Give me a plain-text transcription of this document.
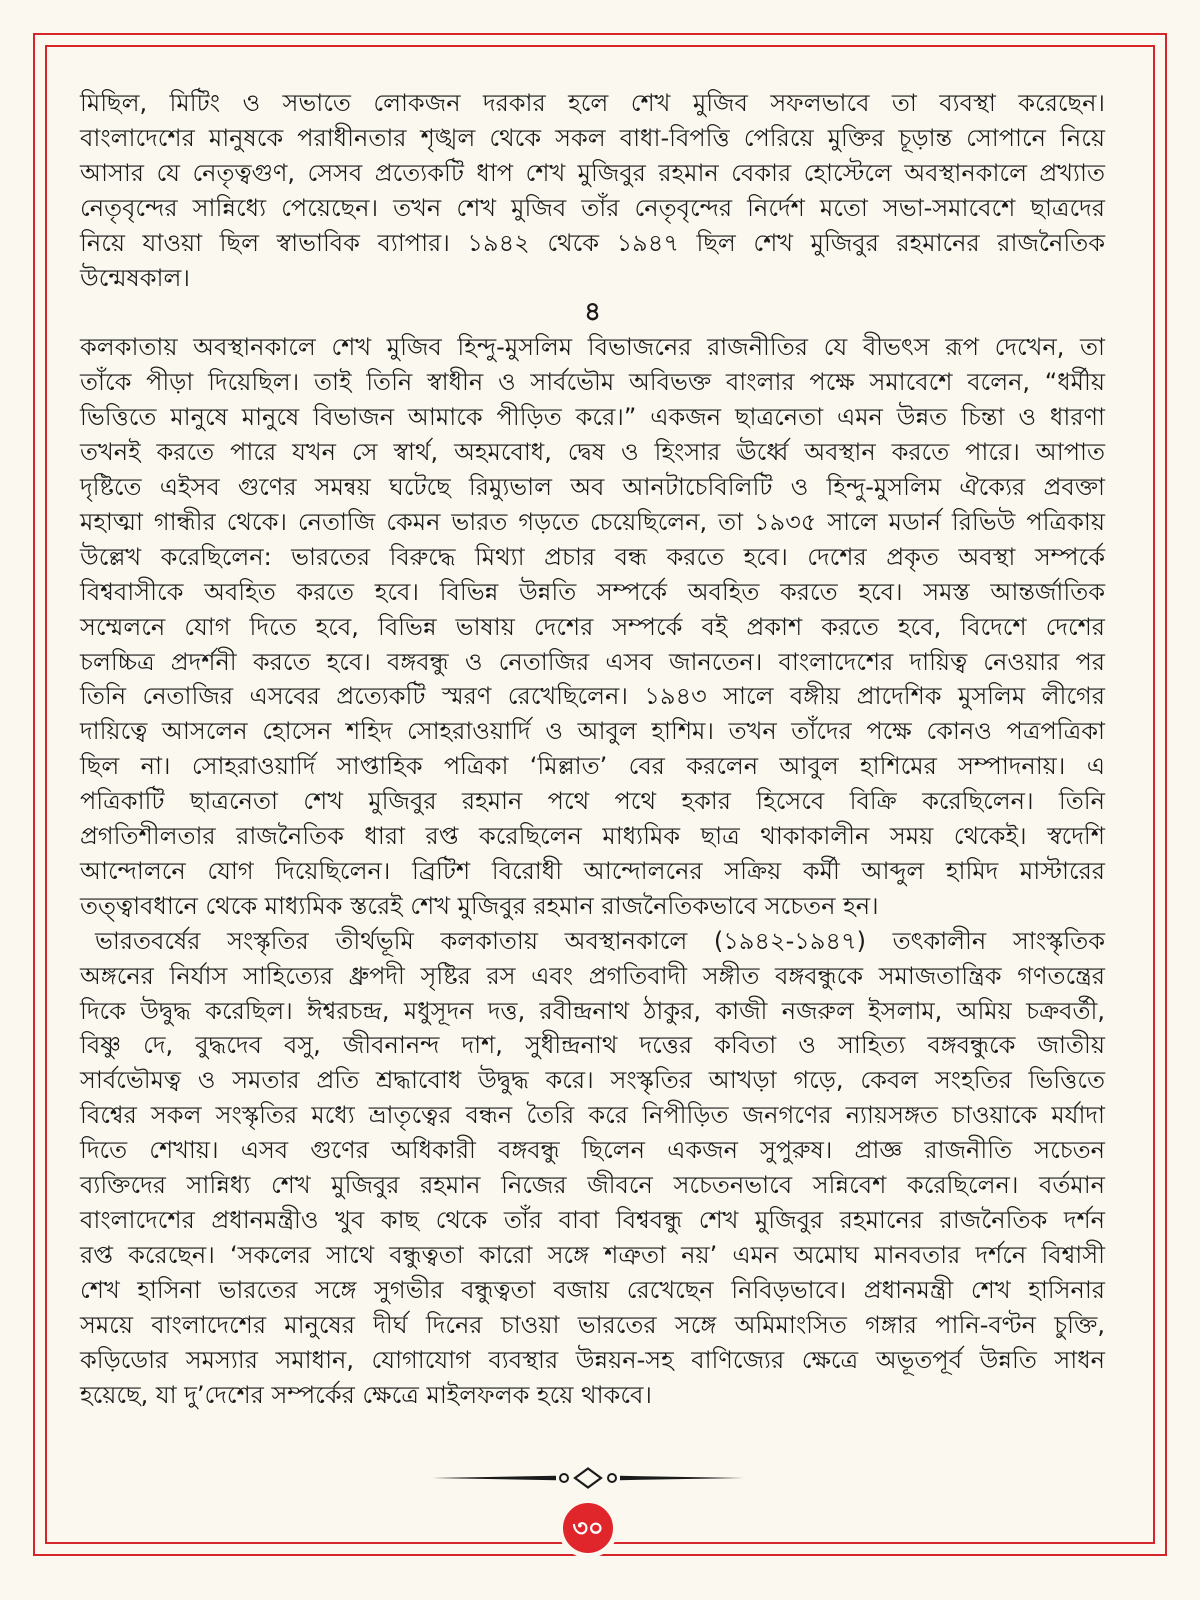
মিছিল, মিটিং ও সভাতে লোকজন দরকার হলে শেখ মুজিব সফলভাবে তা ব্যবস্থা করেছেন।
বাংলাদেশের মানুষকে পরাধীনতার শৃঙ্খল থেকে সকল বাধা-বিপত্তি পেরিয়ে মুক্তির চূড়ান্ত সোপানে নিয়ে
আসার যে নেতৃত্বগুণ, সেসব প্রত্যেকটি ধাপ শেখ মুজিবুর রহমান বেকার হোস্টেলে অবস্থানকালে প্রখ্যাত
নেতৃবৃন্দের সান্নিধ্যে পেয়েছেন। তখন শেখ মুজিব তাঁর নেতৃবৃন্দের নির্দেশ মতো সভা-সমাবেশে ছাত্রদের
নিয়ে যাওয়া ছিল স্বাভাবিক ব্যাপার। ১৯৪২ থেকে ১৯৪৭ ছিল শেখ মুজিবুর রহমানের রাজনৈতিক
উন্মেষকাল।
৪
কলকাতায় অবস্থানকালে শেখ মুজিব হিন্দু-মুসলিম বিভাজনের রাজনীতির যে বীভৎস রূপ দেখেন, তা
তাঁকে পীড়া দিয়েছিল। তাই তিনি স্বাধীন ও সার্বভৌম অবিভক্ত বাংলার পক্ষে সমাবেশে বলেন, “ধর্মীয়
ভিত্তিতে মানুষে মানুষে বিভাজন আমাকে পীড়িত করে।” একজন ছাত্রনেতা এমন উন্নত চিন্তা ও ধারণা
তখনই করতে পারে যখন সে স্বার্থ, অহমবোধ, দ্বেষ ও হিংসার ঊর্ধ্বে অবস্থান করতে পারে। আপাত
দৃষ্টিতে এইসব গুণের সমন্বয় ঘটেছে রিম্যুভাল অব আনটাচেবিলিটি ও হিন্দু-মুসলিম ঐক্যের প্রবক্তা
মহাত্মা গান্ধীর থেকে। নেতাজি কেমন ভারত গড়তে চেয়েছিলেন, তা ১৯৩৫ সালে মডার্ন রিভিউ পত্রিকায়
উল্লেখ করেছিলেন: ভারতের বিরুদ্ধে মিথ্যা প্রচার বন্ধ করতে হবে। দেশের প্রকৃত অবস্থা সম্পর্কে
বিশ্ববাসীকে অবহিত করতে হবে। বিভিন্ন উন্নতি সম্পর্কে অবহিত করতে হবে। সমস্ত আন্তর্জাতিক
সম্মেলনে যোগ দিতে হবে, বিভিন্ন ভাষায় দেশের সম্পর্কে বই প্রকাশ করতে হবে, বিদেশে দেশের
চলচ্চিত্র প্রদর্শনী করতে হবে। বঙ্গবন্ধু ও নেতাজির এসব জানতেন। বাংলাদেশের দায়িত্ব নেওয়ার পর
তিনি নেতাজির এসবের প্রত্যেকটি স্মরণ রেখেছিলেন। ১৯৪৩ সালে বঙ্গীয় প্রাদেশিক মুসলিম লীগের
দায়িত্বে আসলেন হোসেন শহিদ সোহরাওয়ার্দি ও আবুল হাশিম। তখন তাঁদের পক্ষে কোনও পত্রপত্রিকা
ছিল না। সোহরাওয়ার্দি সাপ্তাহিক পত্রিকা ‘মিল্লাত’ বের করলেন আবুল হাশিমের সম্পাদনায়। এ
পত্রিকাটি ছাত্রনেতা শেখ মুজিবুর রহমান পথে পথে হকার হিসেবে বিক্রি করেছিলেন। তিনি
প্রগতিশীলতার রাজনৈতিক ধারা রপ্ত করেছিলেন মাধ্যমিক ছাত্র থাকাকালীন সময় থেকেই। স্বদেশি
আন্দোলনে যোগ দিয়েছিলেন। ব্রিটিশ বিরোধী আন্দোলনের সক্রিয় কর্মী আব্দুল হামিদ মাস্টারের
তত্ত্বাবধানে থেকে মাধ্যমিক স্তরেই শেখ মুজিবুর রহমান রাজনৈতিকভাবে সচেতন হন।
ভারতবর্ষের সংস্কৃতির তীর্থভূমি কলকাতায় অবস্থানকালে (১৯৪২-১৯৪৭) তৎকালীন সাংস্কৃতিক
অঙ্গনের নির্যাস সাহিত্যের ধ্রুপদী সৃষ্টির রস এবং প্রগতিবাদী সঙ্গীত বঙ্গবন্ধুকে সমাজতান্ত্রিক গণতন্ত্রের
দিকে উদ্বুদ্ধ করেছিল। ঈশ্বরচন্দ্র, মধুসূদন দত্ত, রবীন্দ্রনাথ ঠাকুর, কাজী নজরুল ইসলাম, অমিয় চক্রবর্তী,
বিষ্ণু দে, বুদ্ধদেব বসু, জীবনানন্দ দাশ, সুধীন্দ্রনাথ দত্তের কবিতা ও সাহিত্য বঙ্গবন্ধুকে জাতীয়
সার্বভৌমত্ব ও সমতার প্রতি শ্রদ্ধাবোধ উদ্বুদ্ধ করে। সংস্কৃতির আখড়া গড়ে, কেবল সংহতির ভিত্তিতে
বিশ্বের সকল সংস্কৃতির মধ্যে ভ্রাতৃত্বের বন্ধন তৈরি করে নিপীড়িত জনগণের ন্যায়সঙ্গত চাওয়াকে মর্যাদা
দিতে শেখায়। এসব গুণের অধিকারী বঙ্গবন্ধু ছিলেন একজন সুপুরুষ। প্রাজ্ঞ রাজনীতি সচেতন
ব্যক্তিদের সান্নিধ্য শেখ মুজিবুর রহমান নিজের জীবনে সচেতনভাবে সন্নিবেশ করেছিলেন। বর্তমান
বাংলাদেশের প্রধানমন্ত্রীও খুব কাছ থেকে তাঁর বাবা বিশ্ববন্ধু শেখ মুজিবুর রহমানের রাজনৈতিক দর্শন
রপ্ত করেছেন। ‘সকলের সাথে বন্ধুত্বতা কারো সঙ্গে শত্রুতা নয়’ এমন অমোঘ মানবতার দর্শনে বিশ্বাসী
শেখ হাসিনা ভারতের সঙ্গে সুগভীর বন্ধুত্বতা বজায় রেখেছেন নিবিড়ভাবে। প্রধানমন্ত্রী শেখ হাসিনার
সময়ে বাংলাদেশের মানুষের দীর্ঘ দিনের চাওয়া ভারতের সঙ্গে অমিমাংসিত গঙ্গার পানি-বণ্টন চুক্তি,
কড়িডোর সমস্যার সমাধান, যোগাযোগ ব্যবস্থার উন্নয়ন-সহ বাণিজ্যের ক্ষেত্রে অভূতপূর্ব উন্নতি সাধন
হয়েছে, যা দু’দেশের সম্পর্কের ক্ষেত্রে মাইলফলক হয়ে থাকবে।
৩০
